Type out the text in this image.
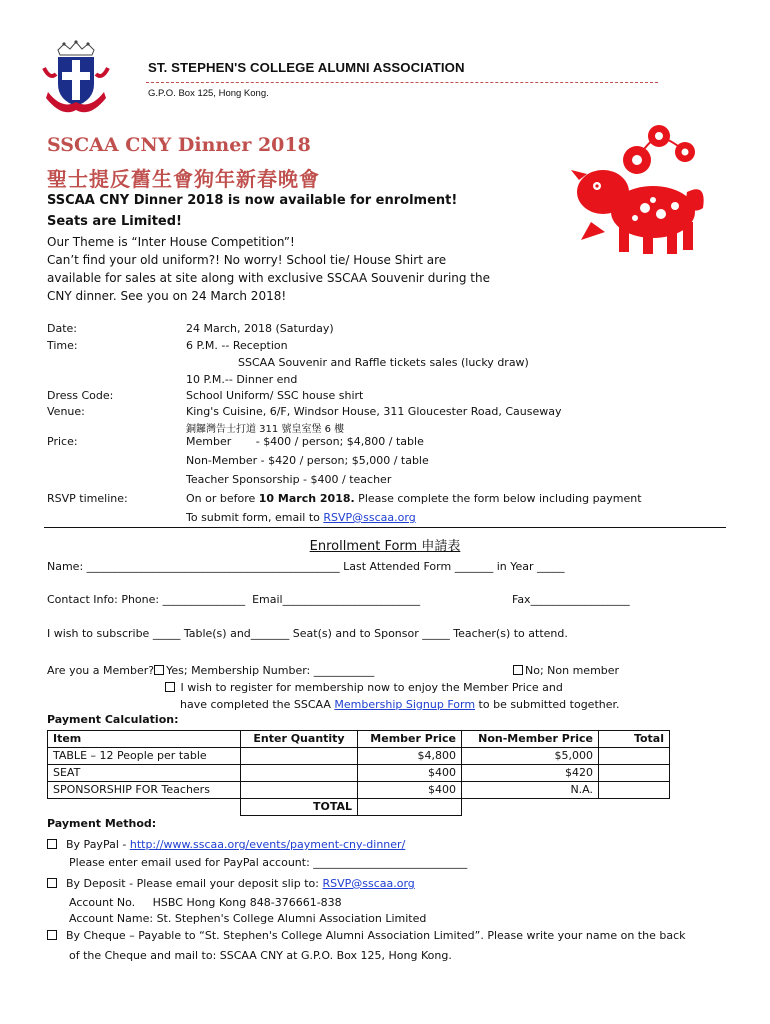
ST. STEPHEN'S COLLEGE ALUMNI ASSOCIATION
G.P.O. Box 125, Hong Kong.
SSCAA CNY Dinner 2018
聖士提反舊生會狗年新春晚會
SSCAA CNY Dinner 2018 is now available for enrolment!
Seats are Limited!
Our Theme is “Inter House Competition”!
Can’t find your old uniform?! No worry! School tie/ House Shirt are
available for sales at site along with exclusive SSCAA Souvenir during the
CNY dinner. See you on 24 March 2018!
Date:	24 March, 2018 (Saturday)
Time:	6 P.M. -- Reception
SSCAA Souvenir and Raffle tickets sales (lucky draw)
10 P.M.-- Dinner end
Dress Code:	School Uniform/ SSC house shirt
Venue:	King's Cuisine, 6/F, Windsor House, 311 Gloucester Road, Causeway
銅鑼灣告士打道 311 號皇室堡 6 樓
Price:	Member       - $400 / person; $4,800 / table
Non-Member - $420 / person; $5,000 / table
Teacher Sponsorship - $400 / teacher
RSVP timeline:	On or before 10 March 2018. Please complete the form below including payment
To submit form, email to RSVP@sscaa.org
Enrollment Form 申請表
Name: ______________________________________________ Last Attended Form _______ in Year _____
Contact Info: Phone: _______________  Email_________________________	Fax__________________
I wish to subscribe _____ Table(s) and_______ Seat(s) and to Sponsor _____ Teacher(s) to attend.
Are you a Member? Yes; Membership Number: ___________	No; Non member
I wish to register for membership now to enjoy the Member Price and
have completed the SSCAA Membership Signup Form to be submitted together.
Payment Calculation:
Item	Enter Quantity	Member Price	Non-Member Price	Total
TABLE – 12 People per table		$4,800	$5,000	
SEAT		$400	$420	
SPONSORSHIP FOR Teachers		$400	N.A.	
	TOTAL			
Payment Method:
By PayPal - http://www.sscaa.org/events/payment-cny-dinner/
Please enter email used for PayPal account: ____________________________
By Deposit - Please email your deposit slip to: RSVP@sscaa.org
Account No.     HSBC Hong Kong 848-376661-838
Account Name: St. Stephen's College Alumni Association Limited
By Cheque – Payable to “St. Stephen's College Alumni Association Limited”. Please write your name on the back
of the Cheque and mail to: SSCAA CNY at G.P.O. Box 125, Hong Kong.
